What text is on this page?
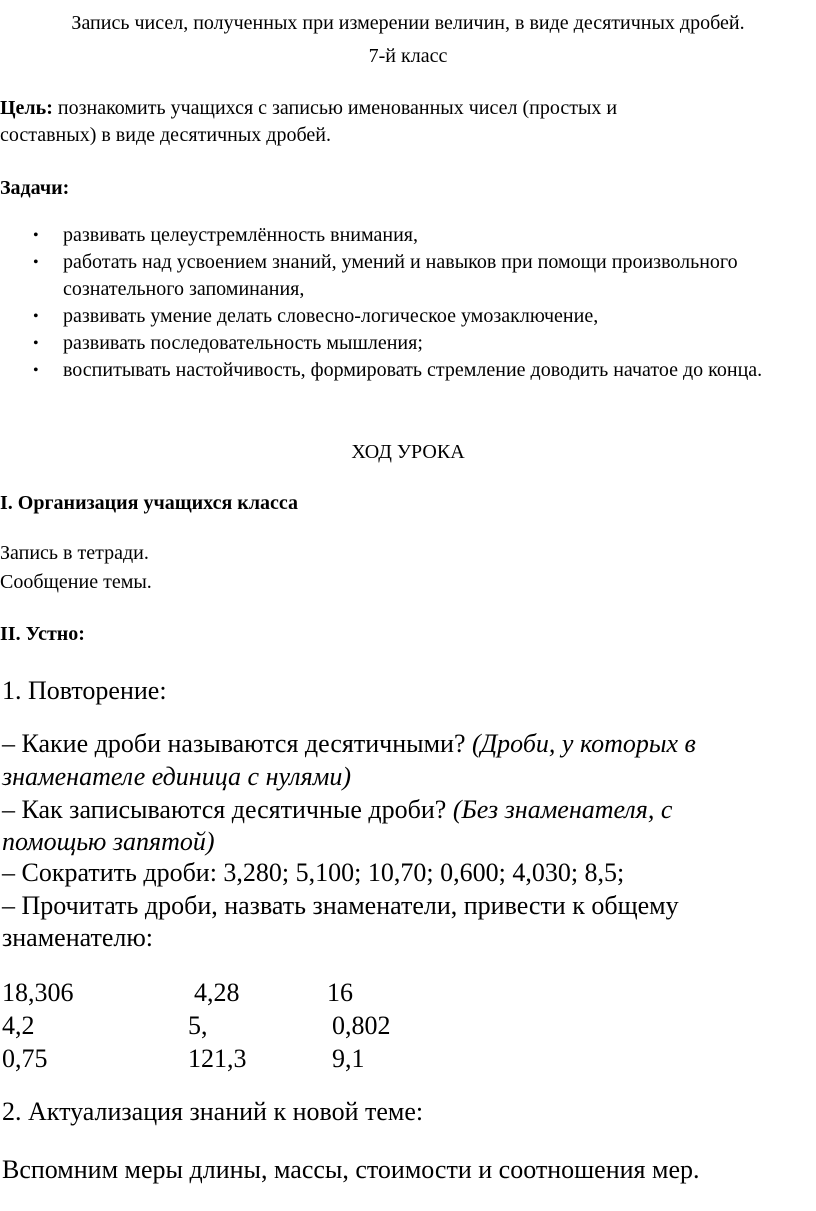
Запись чисел, полученных при измерении величин, в виде десятичных дробей.
7-й класс
Цель: познакомить учащихся с записью именованных чисел (простых и
составных) в виде десятичных дробей.
Задачи:
• развивать целеустремлённость внимания,
• работать над усвоением знаний, умений и навыков при помощи произвольного сознательного запоминания,
• развивать умение делать словесно-логическое умозаключение,
• развивать последовательность мышления;
• воспитывать настойчивость, формировать стремление доводить начатое до конца.
ХОД УРОКА
I. Организация учащихся класса
Запись в тетради.
Сообщение темы.
II. Устно:
1. Повторение:
– Какие дроби называются десятичными? (Дроби, у которых в
знаменателе единица с нулями)
– Как записываются десятичные дроби? (Без знаменателя, с
помощью запятой)
– Сократить дроби: 3,280; 5,100; 10,70; 0,600; 4,030; 8,5;
– Прочитать дроби, назвать знаменатели, привести к общему
знаменателю:
18,306	4,28	16
4,2	5,	0,802
0,75	121,3	9,1
2. Актуализация знаний к новой теме:
Вспомним меры длины, массы, стоимости и соотношения мер.
